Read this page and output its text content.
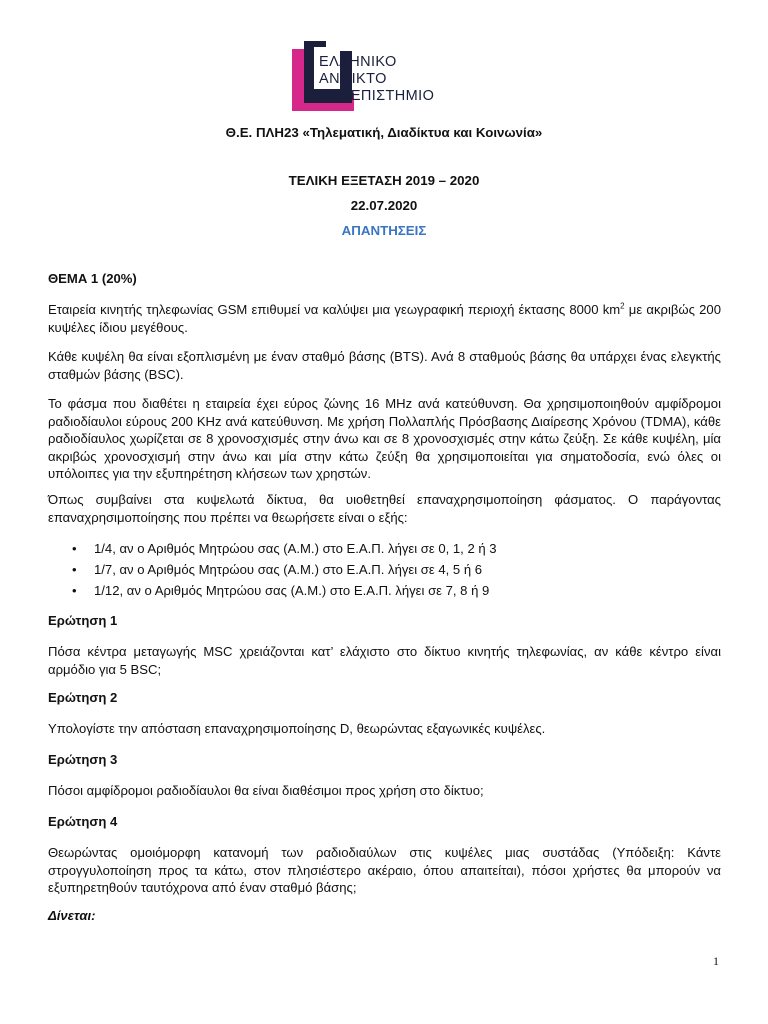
ΕΛΛΗΝΙΚΟ
ΑΝΟΙΚΤΟ
ΠΑΝΕΠΙΣΤΗΜΙΟ
Θ.Ε. ΠΛΗ23 «Τηλεματική, Διαδίκτυα και Κοινωνία»
ΤΕΛΙΚΗ ΕΞΕΤΑΣΗ 2019 – 2020
22.07.2020
ΑΠΑΝΤΗΣΕΙΣ
ΘΕΜΑ 1 (20%)
Εταιρεία κινητής τηλεφωνίας GSM επιθυμεί να καλύψει μια γεωγραφική περιοχή έκτασης 8000 $km^2$ με ακριβώς 200 κυψέλες ίδιου μεγέθους.
Κάθε κυψέλη θα είναι εξοπλισμένη με έναν σταθμό βάσης (BTS). Ανά 8 σταθμούς βάσης θα υπάρχει ένας ελεγκτής σταθμών βάσης (BSC).
Το φάσμα που διαθέτει η εταιρεία έχει εύρος ζώνης 16 MHz ανά κατεύθυνση. Θα χρησιμοποιηθούν αμφίδρομοι ραδιοδίαυλοι εύρους 200 KHz ανά κατεύθυνση. Με χρήση Πολλαπλής Πρόσβασης Διαίρεσης Χρόνου (TDMA), κάθε ραδιοδίαυλος χωρίζεται σε 8 χρονοσχισμές στην άνω και σε 8 χρονοσχισμές στην κάτω ζεύξη. Σε κάθε κυψέλη, μία ακριβώς χρονοσχισμή στην άνω και μία στην κάτω ζεύξη θα χρησιμοποιείται για σηματοδοσία, ενώ όλες οι υπόλοιπες για την εξυπηρέτηση κλήσεων των χρηστών.
Όπως συμβαίνει στα κυψελωτά δίκτυα, θα υιοθετηθεί επαναχρησιμοποίηση φάσματος. Ο παράγοντας επαναχρησιμοποίησης που πρέπει να θεωρήσετε είναι ο εξής:
• 1/4, αν ο Αριθμός Μητρώου σας (Α.Μ.) στο Ε.Α.Π. λήγει σε 0, 1, 2 ή 3
• 1/7, αν ο Αριθμός Μητρώου σας (Α.Μ.) στο Ε.Α.Π. λήγει σε 4, 5 ή 6
• 1/12, αν ο Αριθμός Μητρώου σας (Α.Μ.) στο Ε.Α.Π. λήγει σε 7, 8 ή 9
Ερώτηση 1
Πόσα κέντρα μεταγωγής MSC χρειάζονται κατ’ ελάχιστο στο δίκτυο κινητής τηλεφωνίας, αν κάθε κέντρο είναι αρμόδιο για 5 BSC;
Ερώτηση 2
Υπολογίστε την απόσταση επαναχρησιμοποίησης D, θεωρώντας εξαγωνικές κυψέλες.
Ερώτηση 3
Πόσοι αμφίδρομοι ραδιοδίαυλοι θα είναι διαθέσιμοι προς χρήση στο δίκτυο;
Ερώτηση 4
Θεωρώντας ομοιόμορφη κατανομή των ραδιοδιαύλων στις κυψέλες μιας συστάδας (Υπόδειξη: Κάντε στρογγυλοποίηση προς τα κάτω, στον πλησιέστερο ακέραιο, όπου απαιτείται), πόσοι χρήστες θα μπορούν να εξυπηρετηθούν ταυτόχρονα από έναν σταθμό βάσης;
Δίνεται:
1
